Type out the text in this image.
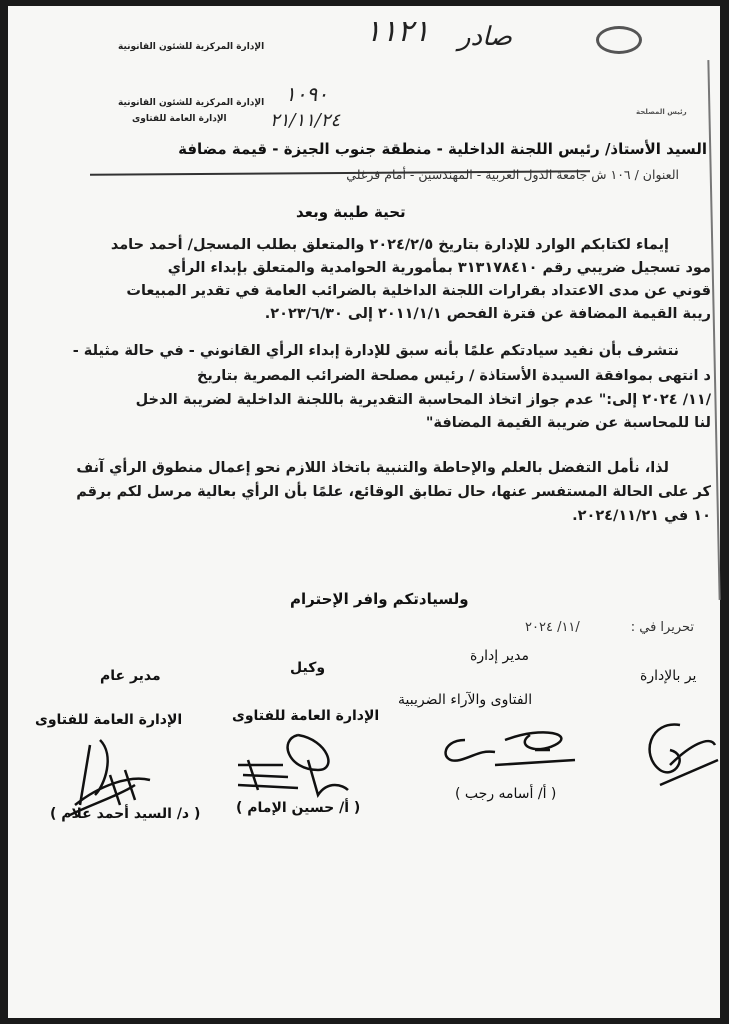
الإدارة المركزية للشئون القانونية
الإدارة المركزية للشئون القانونية
الإدارة العامة للفتاوى
صادر
١١٢١
١٠٩٠
٢١/١١/٢٤	رئيس المصلحة
السيد الأستاذ/ رئيس اللجنة الداخلية - منطقة جنوب الجيزة - قيمة مضافة
العنوان / ١٠٦ ش جامعة الدول العربية - المهندسين - أمام فرغلي
تحية طيبة وبعد
إيماء لكتابكم الوارد للإدارة بتاريخ ٢٠٢٤/٢/٥ والمتعلق بطلب المسجل/ أحمد حامد
مود تسجيل ضريبي رقم ٣١٣١٧٨٤١٠ بمأمورية الحوامدية والمتعلق بإبداء الرأي
قوني عن مدى الاعتداد بقرارات اللجنة الداخلية بالضرائب العامة في تقدير المبيعات
ريبة القيمة المضافة عن فترة الفحص ٢٠١١/١/١ إلى ٢٠٢٣/٦/٣٠.
نتشرف بأن نفيد سيادتكم علمًا بأنه سبق للإدارة إبداء الرأي القانوني - في حالة مثيلة -
د انتهى بموافقة السيدة الأستاذة / رئيس مصلحة الضرائب المصرية بتاريخ
/١١/ ٢٠٢٤ إلى:" عدم جواز اتخاذ المحاسبة التقديرية باللجنة الداخلية لضريبة الدخل
لنا للمحاسبة عن ضريبة القيمة المضافة"
لذا، نأمل التفضل بالعلم والإحاطة والتنبية باتخاذ اللازم نحو إعمال منطوق الرأي آنف
كر على الحالة المستفسر عنها، حال تطابق الوقائع، علمًا بأن الرأي بعالية مرسل لكم برقم
١٠ في ٢٠٢٤/١١/٢١.
ولسيادتكم وافر الإحترام
تحريرا في :
/١١/ ٢٠٢٤
ير بالإدارة
مدير إدارة
الفتاوى والآراء الضريبية
( أ/ أسامه رجب )
وكيل
الإدارة العامة للفتاوى
( أ/ حسين الإمام )
مدير عام
الإدارة العامة للفتاوى
( د/ السيد أحمد علام )
